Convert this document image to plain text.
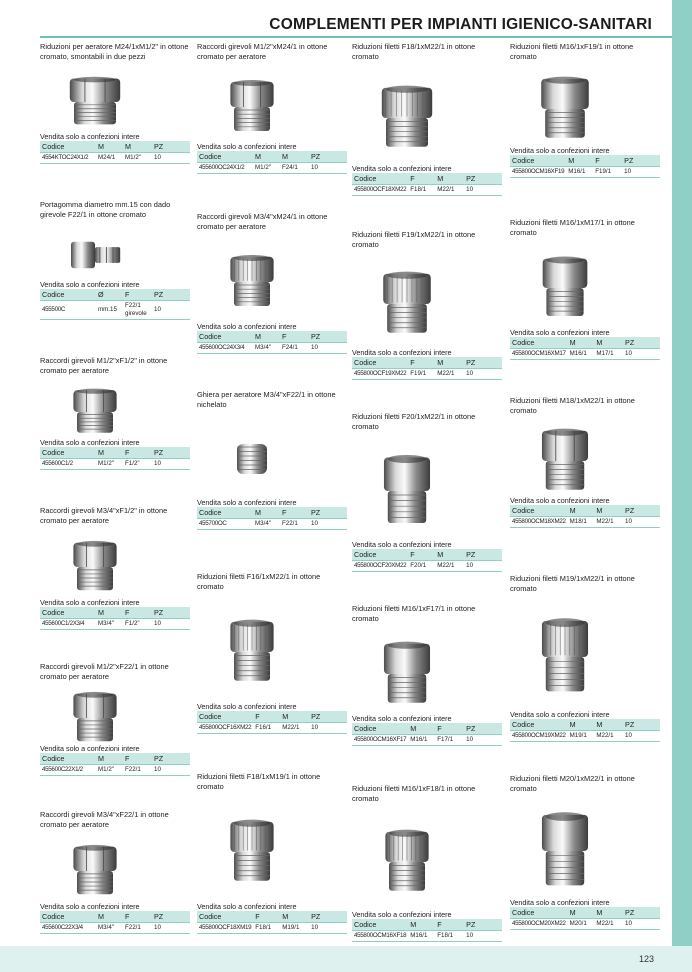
123
COMPLEMENTI PER IMPIANTI IGIENICO-SANITARI
Riduzioni per aeratore M24/1xM1/2" in ottone cromato, smontabili in due pezzi
Vendita solo a confezioni intere
Codice	M	M	PZ
4554KTOC24X1/2	M24/1	M1/2"	10
Portagomma diametro mm.15 con dado girevole F22/1 in ottone cromato
Vendita solo a confezioni intere
Codice	Ø	F	PZ
455500C	mm.15	F22/1 girevole	10
Raccordi girevoli M1/2"xF1/2" in ottone cromato per aeratore
Vendita solo a confezioni intere
Codice	M	F	PZ
455600C1/2	M1/2"	F1/2"	10
Raccordi girevoli M3/4"xF1/2" in ottone cromato per aeratore
Vendita solo a confezioni intere
Codice	M	F	PZ
455600C1/2X3/4	M3/4"	F1/2"	10
Raccordi girevoli M1/2"xF22/1 in ottone cromato per aeratore
Vendita solo a confezioni intere
Codice	M	F	PZ
455600C22X1/2	M1/2"	F22/1	10
Raccordi girevoli M3/4"xF22/1 in ottone cromato per aeratore
Vendita solo a confezioni intere
Codice	M	F	PZ
455600C22X3/4	M3/4"	F22/1	10
Raccordi girevoli M1/2"xM24/1 in ottone cromato per aeratore
Vendita solo a confezioni intere
Codice	M	M	PZ
455600OC24X1/2	M1/2"	F24/1	10
Raccordi girevoli M3/4"xM24/1 in ottone cromato per aeratore
Vendita solo a confezioni intere
Codice	M	F	PZ
455600OC24X3/4	M3/4"	F24/1	10
Ghiera per aeratore M3/4"xF22/1 in ottone nichelato
Vendita solo a confezioni intere
Codice	M	F	PZ
455700OC	M3/4"	F22/1	10
Riduzioni filetti F16/1xM22/1 in ottone cromato
Vendita solo a confezioni intere
Codice	F	M	PZ
455800OCF16XM22	F16/1	M22/1	10
Riduzioni filetti F18/1xM19/1 in ottone cromato
Vendita solo a confezioni intere
Codice	F	M	PZ
455800OCF18XM19	F18/1	M19/1	10
Riduzioni filetti F18/1xM22/1 in ottone cromato
Vendita solo a confezioni intere
Codice	F	M	PZ
455800OCF18XM22	F18/1	M22/1	10
Riduzioni filetti F19/1xM22/1 in ottone cromato
Vendita solo a confezioni intere
Codice	F	M	PZ
455800OCF19XM22	F19/1	M22/1	10
Riduzioni filetti F20/1xM22/1 in ottone cromato
Vendita solo a confezioni intere
Codice	F	M	PZ
455800OCF20XM22	F20/1	M22/1	10
Riduzioni filetti M16/1xF17/1 in ottone cromato
Vendita solo a confezioni intere
Codice	M	F	PZ
455800OCM16XF17	M16/1	F17/1	10
Riduzioni filetti M16/1xF18/1 in ottone cromato
Vendita solo a confezioni intere
Codice	M	F	PZ
455800OCM16XF18	M16/1	F18/1	10
Riduzioni filetti M16/1xF19/1 in ottone cromato
Vendita solo a confezioni intere
Codice	M	F	PZ
455800OCM16XF19	M16/1	F19/1	10
Riduzioni filetti M16/1xM17/1 in ottone cromato
Vendita solo a confezioni intere
Codice	M	M	PZ
455800OCM16XM17	M16/1	M17/1	10
Riduzioni filetti M18/1xM22/1 in ottone cromato
Vendita solo a confezioni intere
Codice	M	M	PZ
455800OCM18XM22	M18/1	M22/1	10
Riduzioni filetti M19/1xM22/1 in ottone cromato
Vendita solo a confezioni intere
Codice	M	M	PZ
455800OCM19XM22	M19/1	M22/1	10
Riduzioni filetti M20/1xM22/1 in ottone cromato
Vendita solo a confezioni intere
Codice	M	M	PZ
455800OCM20XM22	M20/1	M22/1	10
